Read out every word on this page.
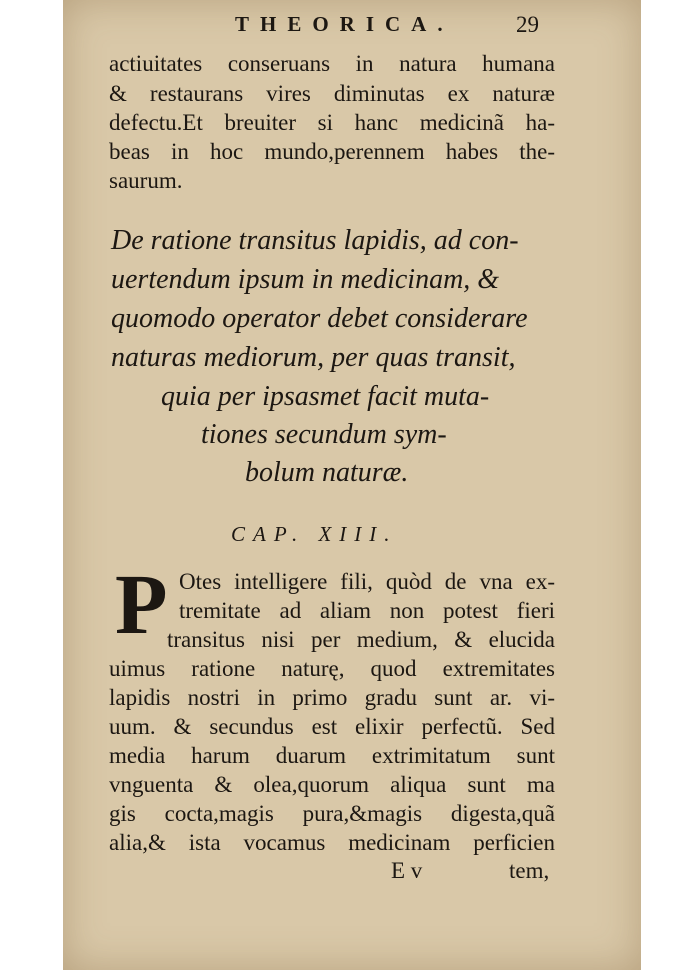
THEORICA.	29
actiuitates conseruans in natura humana
& restaurans vires diminutas ex naturæ
defectu.Et breuiter si hanc medicinã ha-
beas in hoc mundo,perennem habes the-
saurum.
De ratione transitus lapidis, ad con-
uertendum ipsum in medicinam, &
quomodo operator debet considerare
naturas mediorum, per quas transit,
quia per ipsasmet facit muta-
tiones secundum sym-
bolum naturæ.
CAP. XIII.
P Otes intelligere fili, quòd de vna ex-
tremitate ad aliam non potest fieri
transitus nisi per medium, & elucida
uimus ratione naturę, quod extremitates
lapidis nostri in primo gradu sunt ar. vi-
uum. & secundus est elixir perfectũ. Sed
media harum duarum extrimitatum sunt
vnguenta & olea,quorum aliqua sunt ma
gis cocta,magis pura,&magis digesta,quã
alia,& ista vocamus medicinam perficien
E v	tem,
